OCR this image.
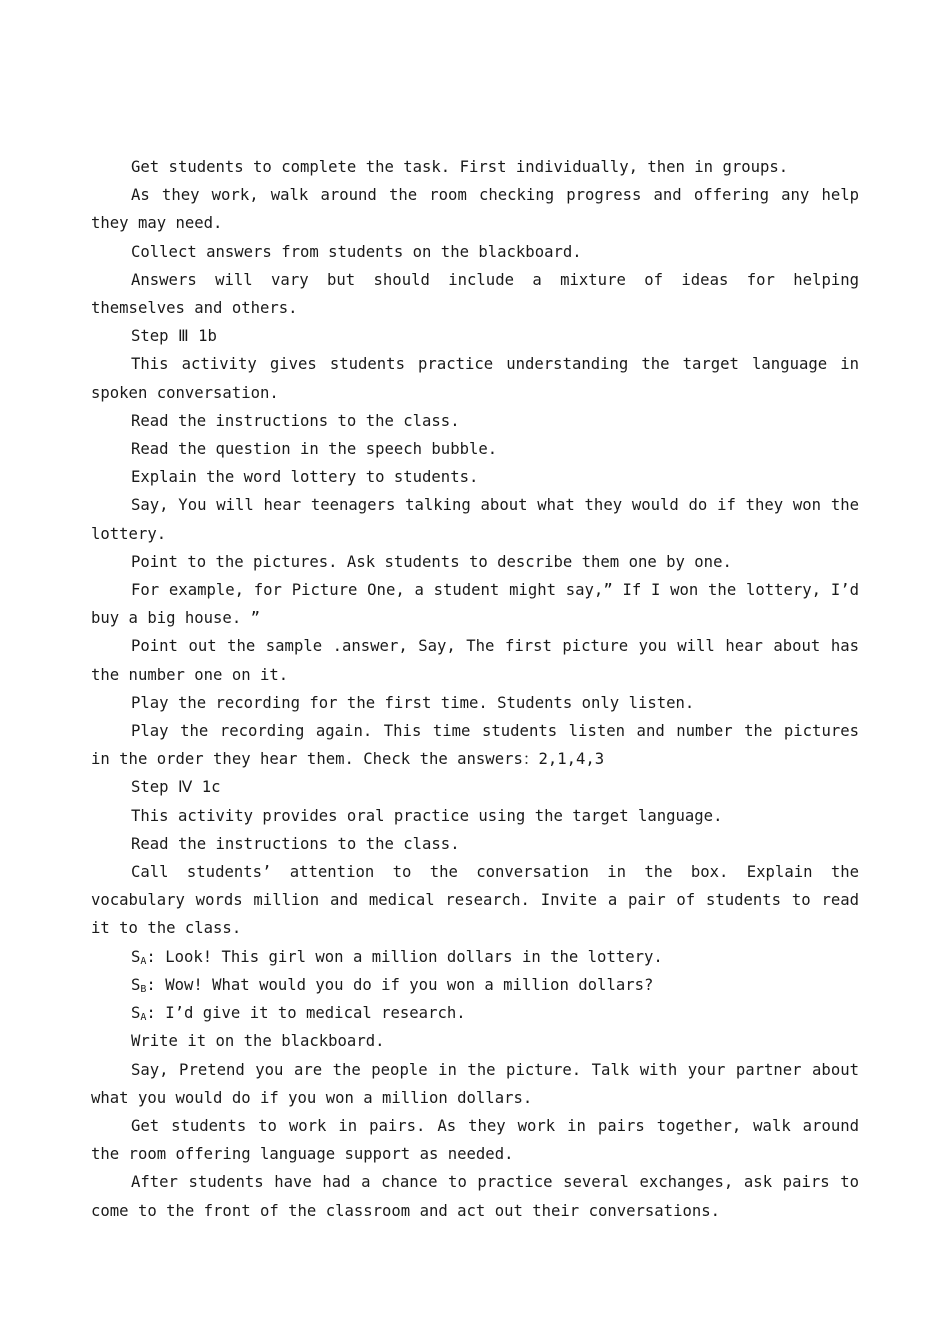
Get students to complete the task. First individually, then in groups.

As they work, walk around the room checking progress and offering any help they may need.

Collect answers from students on the blackboard.

Answers will vary but should include a mixture of ideas for helping themselves and others.

Step Ⅲ 1b

This activity gives students practice understanding the target language in spoken conversation.

Read the instructions to the class.

Read the question in the speech bubble.

Explain the word lottery to students.

Say, You will hear teenagers talking about what they would do if they won the lottery.

Point to the pictures. Ask students to describe them one by one.

For example, for Picture One, a student might say,” If I won the lottery, I’d buy a big house. ”

Point out the sample .answer, Say, The first picture you will hear about has the number one on it.

Play the recording for the first time. Students only listen.

Play the recording again. This time students listen and number the pictures in the order they hear them. Check the answers：2,1,4,3

Step Ⅳ 1c

This activity provides oral practice using the target language.

Read the instructions to the class.

Call students’ attention to the conversation in the box. Explain the vocabulary words million and medical research. Invite a pair of students to read it to the class.

$S_A$: Look! This girl won a million dollars in the lottery.

$S_B$: Wow! What would you do if you won a million dollars?

$S_A$: I’d give it to medical research.

Write it on the blackboard.

Say, Pretend you are the people in the picture. Talk with your partner about what you would do if you won a million dollars.

Get students to work in pairs. As they work in pairs together, walk around the room offering language support as needed.

After students have had a chance to practice several exchanges, ask pairs to come to the front of the classroom and act out their conversations.
